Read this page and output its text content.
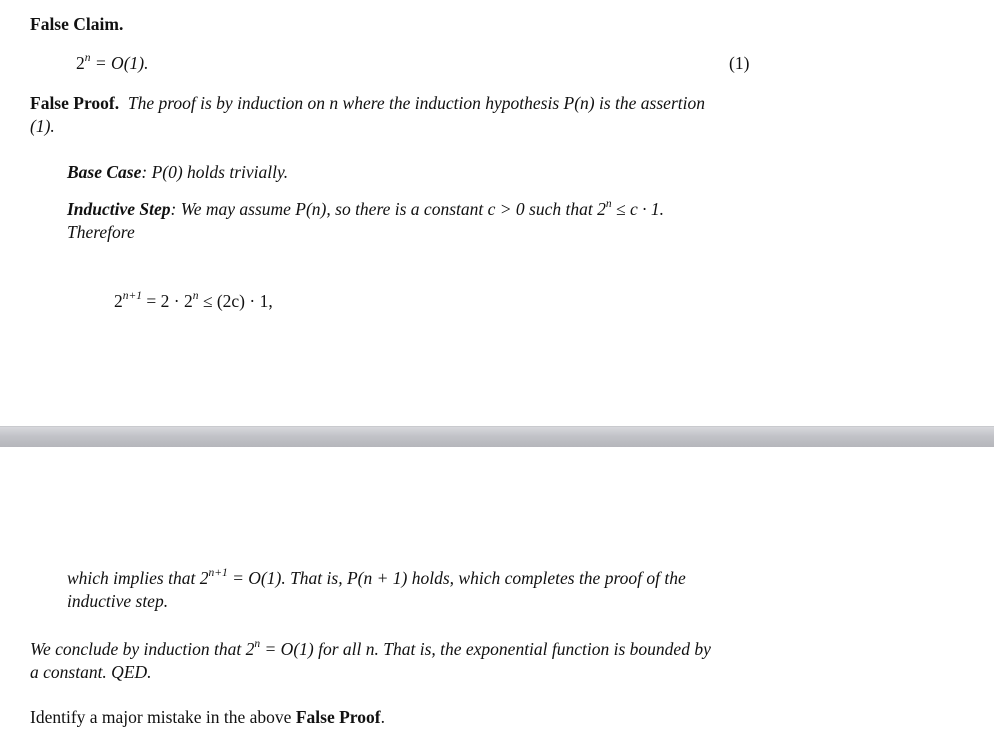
False Claim.
$2^n = O(1)$.	(1)
False Proof. The proof is by induction on n where the induction hypothesis P(n) is the assertion
(1).
Base Case: P(0) holds trivially.
Inductive Step: We may assume P(n), so there is a constant c > 0 such that $2^n \le c \cdot 1$.
Therefore
$2^{n+1} = 2 \cdot 2^n \le (2c) \cdot 1$,
which implies that $2^{n+1} = O(1)$. That is, P(n + 1) holds, which completes the proof of the
inductive step.
We conclude by induction that $2^n = O(1)$ for all n. That is, the exponential function is bounded by
a constant. QED.
Identify a major mistake in the above False Proof.
